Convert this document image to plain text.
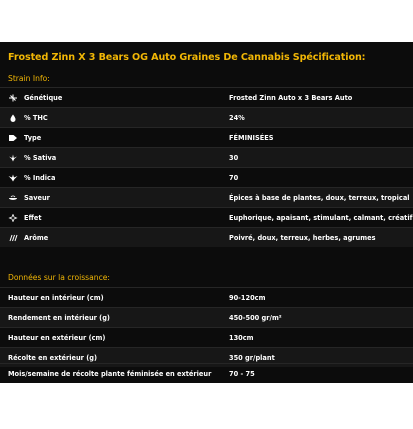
Frosted Zinn X 3 Bears OG Auto Graines De Cannabis Spécification:
Strain Info:
Génétique	Frosted Zinn Auto x 3 Bears Auto
% THC	24%
Type	FÉMINISÉES
% Sativa	30
% Indica	70
Saveur	Épices à base de plantes, doux, terreux, tropical
Effet	Euphorique, apaisant, stimulant, calmant, créatif
Arôme	Poivré, doux, terreux, herbes, agrumes
Données sur la croissance:
Hauteur en intérieur (cm)	90-120cm
Rendement en intérieur (g)	450-500 gr/m²
Hauteur en extérieur (cm)	130cm
Récolte en extérieur (g)	350 gr/plant
Mois/semaine de récolte plante féminisée en extérieur	70 - 75
